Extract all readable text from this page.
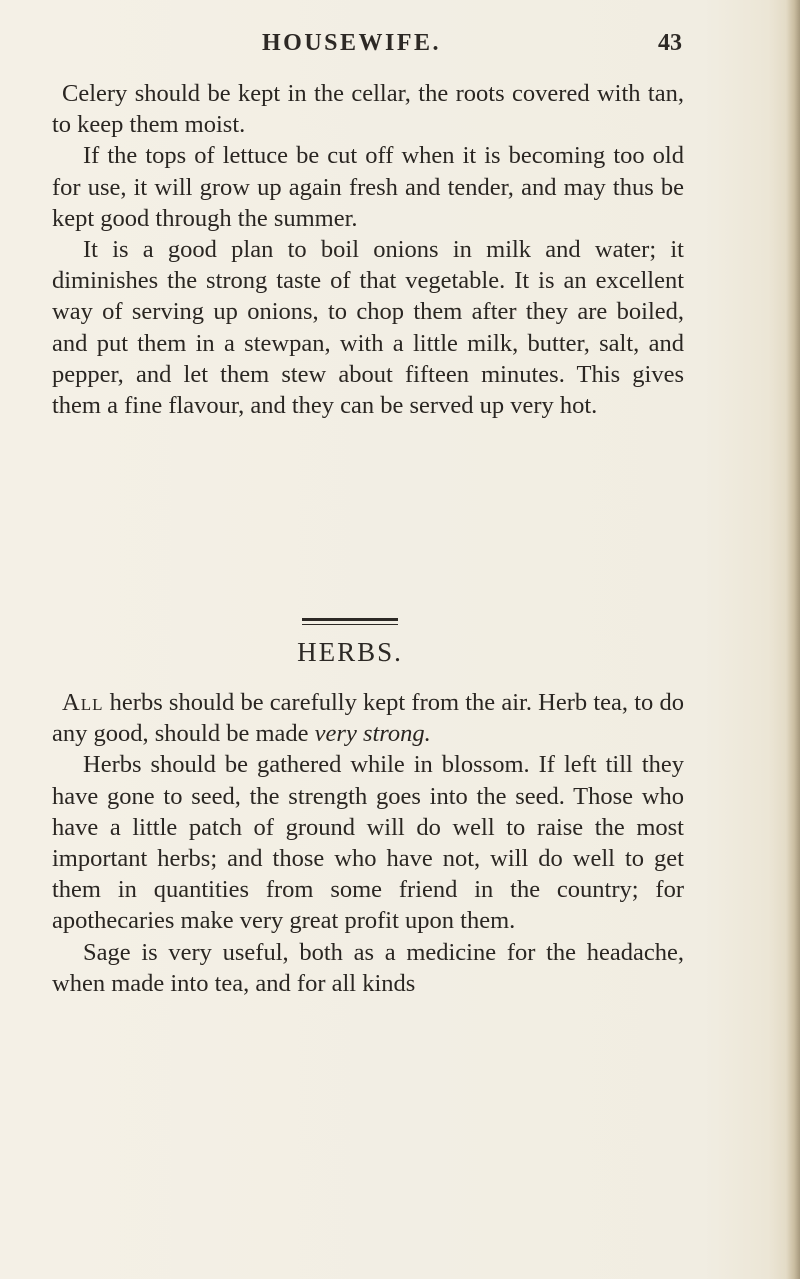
HOUSEWIFE.	43

Celery should be kept in the cellar, the roots covered with tan, to keep them moist.

If the tops of lettuce be cut off when it is becoming too old for use, it will grow up again fresh and tender, and may thus be kept good through the summer.

It is a good plan to boil onions in milk and water; it diminishes the strong taste of that vegetable. It is an excellent way of serving up onions, to chop them after they are boiled, and put them in a stewpan, with a little milk, butter, salt, and pepper, and let them stew about fifteen minutes. This gives them a fine flavour, and they can be served up very hot.

HERBS.

All herbs should be carefully kept from the air. Herb tea, to do any good, should be made very strong.

Herbs should be gathered while in blossom. If left till they have gone to seed, the strength goes into the seed. Those who have a little patch of ground will do well to raise the most important herbs; and those who have not, will do well to get them in quantities from some friend in the country; for apothecaries make very great profit upon them.

Sage is very useful, both as a medicine for the headache, when made into tea, and for all kinds
